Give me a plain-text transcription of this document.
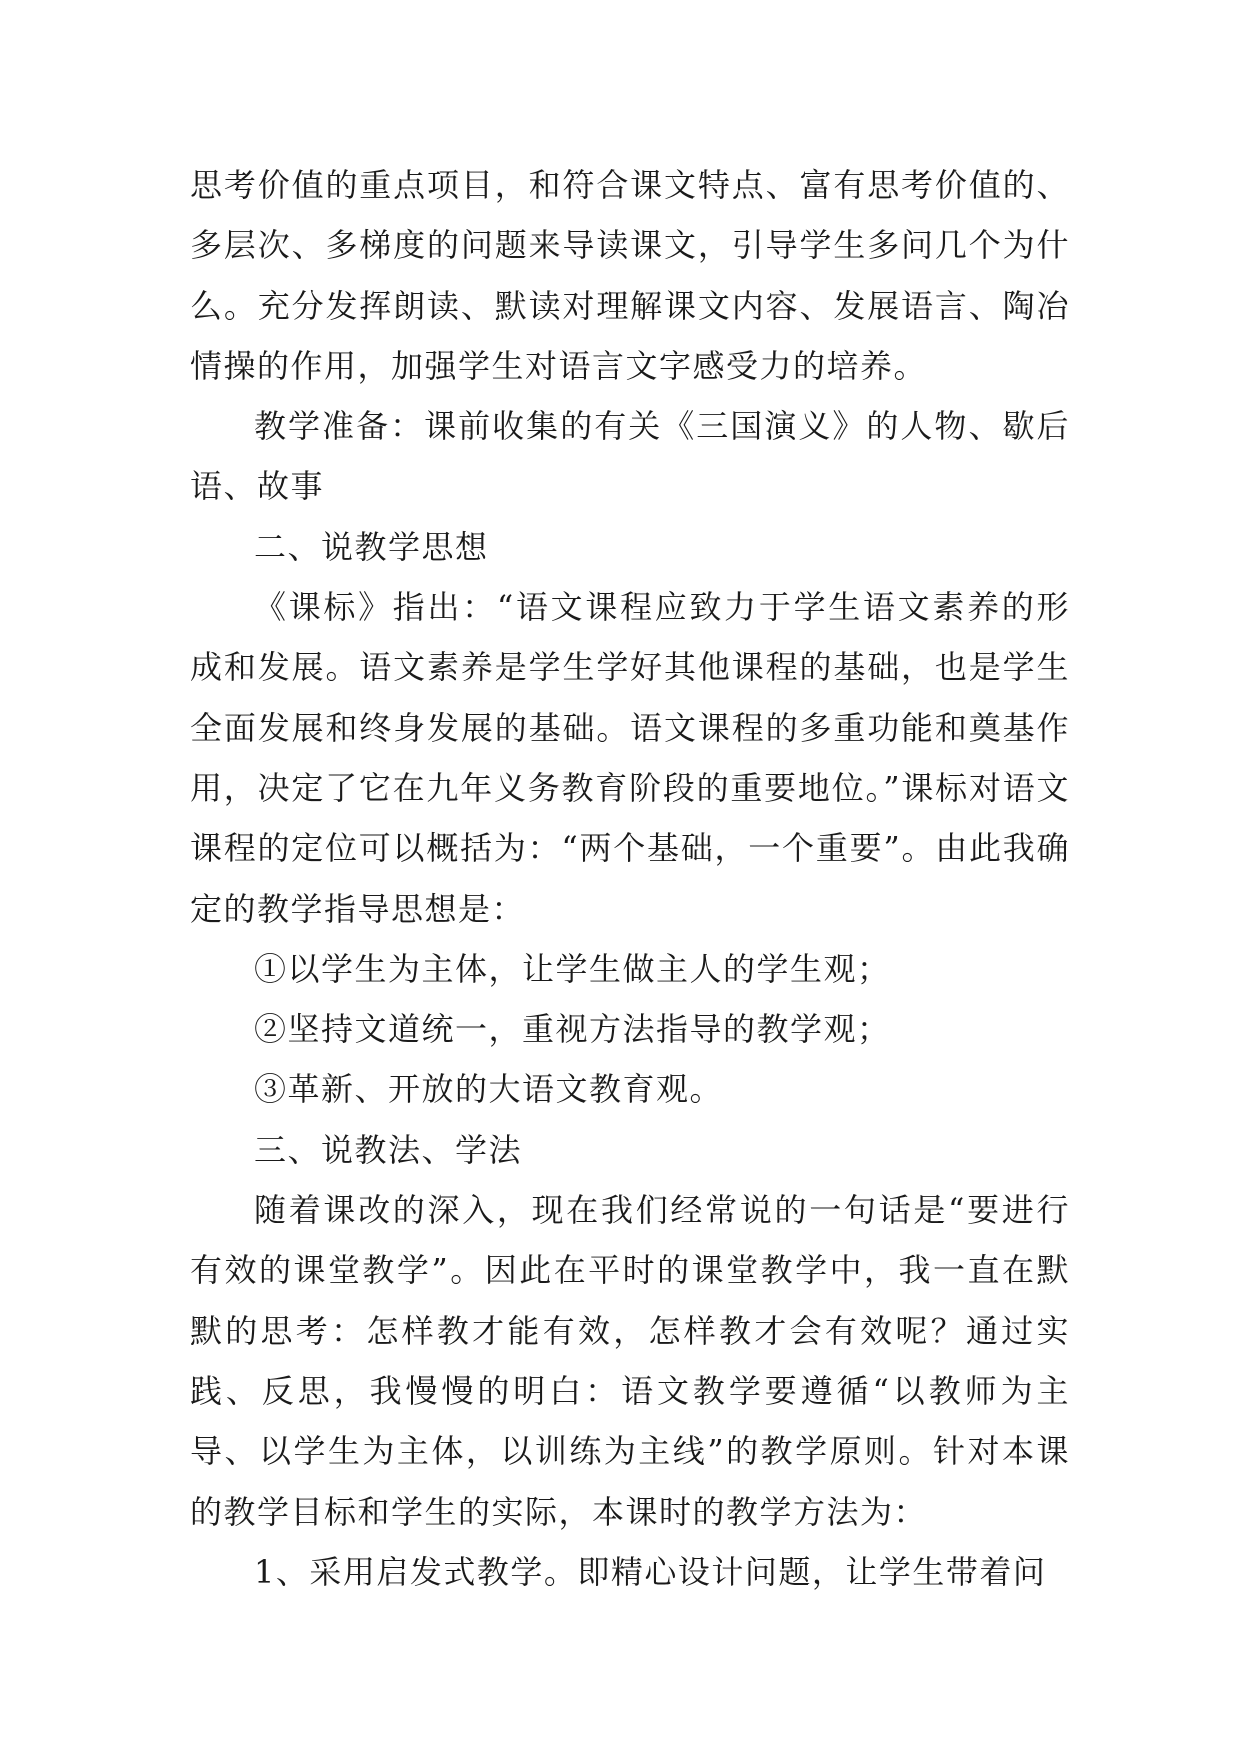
思考价值的重点项目，和符合课文特点、富有思考价值的、多层次、多梯度的问题来导读课文，引导学生多问几个为什么。充分发挥朗读、默读对理解课文内容、发展语言、陶冶情操的作用，加强学生对语言文字感受力的培养。

教学准备：课前收集的有关《三国演义》的人物、歇后语、故事

二、说教学思想

《课标》指出：“语文课程应致力于学生语文素养的形成和发展。语文素养是学生学好其他课程的基础，也是学生全面发展和终身发展的基础。语文课程的多重功能和奠基作用，决定了它在九年义务教育阶段的重要地位。”课标对语文课程的定位可以概括为：“两个基础，一个重要”。由此我确定的教学指导思想是：

①以学生为主体，让学生做主人的学生观；

②坚持文道统一，重视方法指导的教学观；

③革新、开放的大语文教育观。

三、说教法、学法

随着课改的深入，现在我们经常说的一句话是“要进行有效的课堂教学”。因此在平时的课堂教学中，我一直在默默的思考：怎样教才能有效，怎样教才会有效呢？通过实践、反思，我慢慢的明白：语文教学要遵循“以教师为主导、以学生为主体，以训练为主线”的教学原则。针对本课的教学目标和学生的实际，本课时的教学方法为：

1、采用启发式教学。即精心设计问题，让学生带着问
